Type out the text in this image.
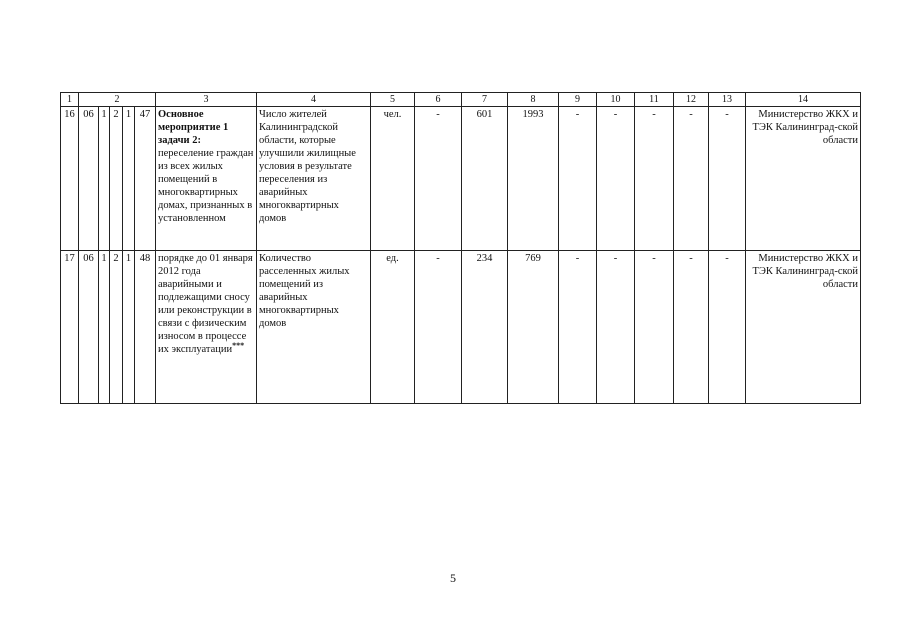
1	2					3	4	5	6	7	8	9	10	11	12	13	14
16	06	1	2	1	47	Основное мероприятие 1 задачи 2: переселение граждан из всех жилых помещений в многоквартирных домах, признанных в установленном	Число жителей Калининградской области, которые улучшили жилищные условия в результате переселения из аварийных многоквартирных домов	чел.	-	601	1993	-	-	-	-	-	Министерство ЖКХ и ТЭК Калининград-ской области
17	06	1	2	1	48	порядке до 01 января 2012 года аварийными и подлежащими сносу или реконструкции в связи с физическим износом в процессе их эксплуатации***	Количество расселенных жилых помещений из аварийных многоквартирных домов	ед.	-	234	769	-	-	-	-	-	Министерство ЖКХ и ТЭК Калининград-ской области
5
